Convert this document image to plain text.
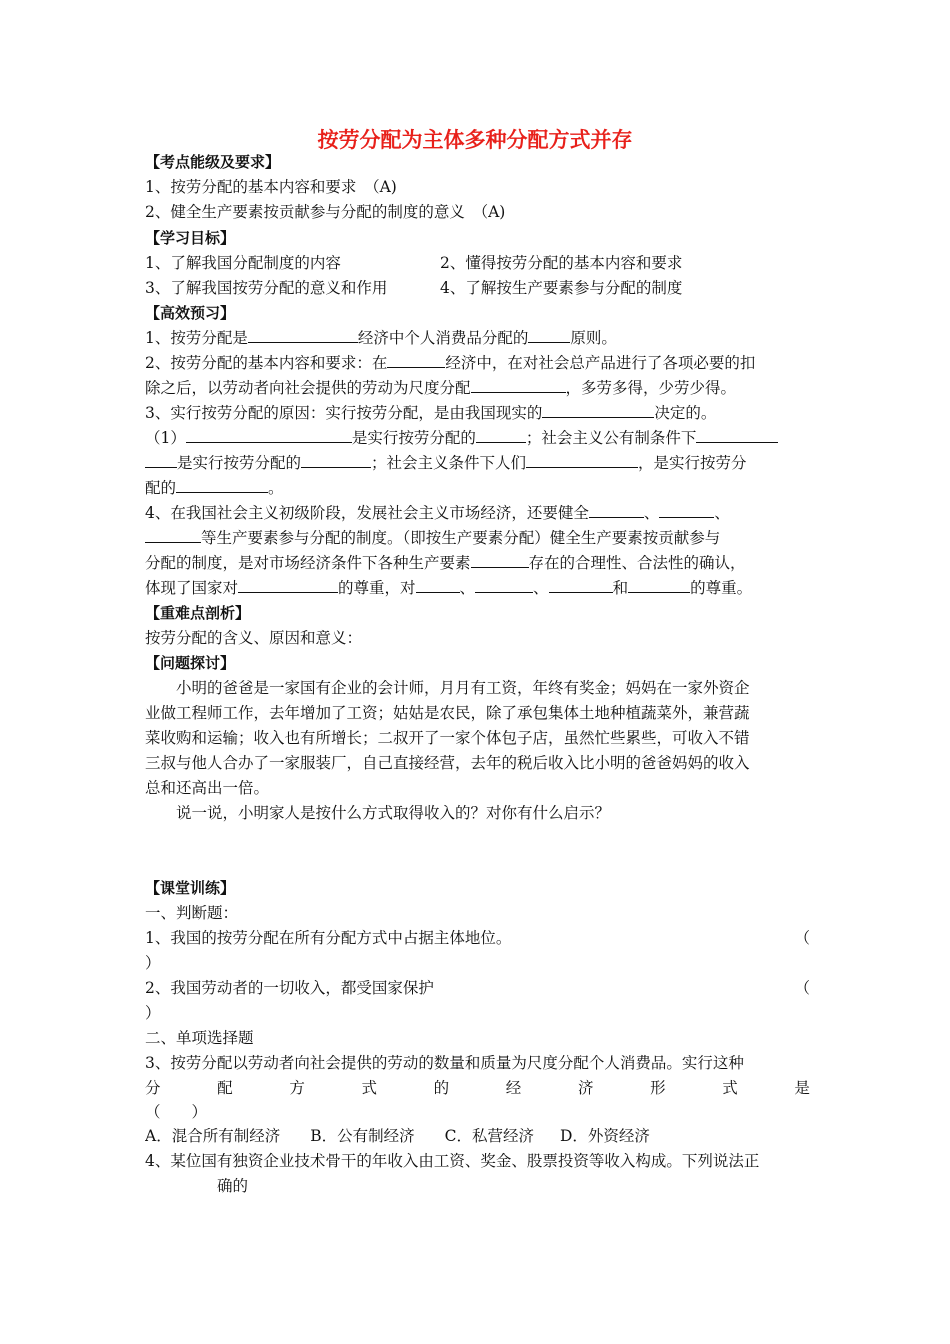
按劳分配为主体多种分配方式并存
【考点能级及要求】
1、按劳分配的基本内容和要求　（A)
2、健全生产要素按贡献参与分配的制度的意义　（A)
【学习目标】
1、了解我国分配制度的内容	2、懂得按劳分配的基本内容和要求
3、了解我国按劳分配的意义和作用	4、了解按生产要素参与分配的制度
【高效预习】
1、按劳分配是	经济中个人消费品分配的	原则。
2、按劳分配的基本内容和要求：在	经济中，在对社会总产品进行了各项必要的扣
除之后，以劳动者向社会提供的劳动为尺度分配	，多劳多得，少劳少得。
3、实行按劳分配的原因：实行按劳分配，是由我国现实的	决定的。
（1）	是实行按劳分配的	；社会主义公有制条件下
是实行按劳分配的	；社会主义条件下人们	，是实行按劳分
配的	。
4、在我国社会主义初级阶段，发展社会主义市场经济，还要健全	、	、
等生产要素参与分配的制度。（即按生产要素分配）健全生产要素按贡献参与
分配的制度，是对市场经济条件下各种生产要素	存在的合理性、合法性的确认，
体现了国家对	的尊重，对	、	、	和	的尊重。
【重难点剖析】
按劳分配的含义、原因和意义：
【问题探讨】
小明的爸爸是一家国有企业的会计师，月月有工资，年终有奖金；妈妈在一家外资企
业做工程师工作，去年增加了工资；姑姑是农民，除了承包集体土地种植蔬菜外，兼营蔬
菜收购和运输；收入也有所增长；二叔开了一家个体包子店，虽然忙些累些，可收入不错
三叔与他人合办了一家服装厂，自己直接经营，去年的税后收入比小明的爸爸妈妈的收入
总和还高出一倍。
说一说，小明家人是按什么方式取得收入的？对你有什么启示？
【课堂训练】
一、判断题：
1、我国的按劳分配在所有分配方式中占据主体地位。	（
）
2、我国劳动者的一切收入，都受国家保护	（
）
二、单项选择题
3、按劳分配以劳动者向社会提供的劳动的数量和质量为尺度分配个人消费品。实行这种
分	配	方	式	的	经	济	形	式	是
（　　）
A．混合所有制经济 B．公有制经济 C．私营经济 D．外资经济
4、某位国有独资企业技术骨干的年收入由工资、奖金、股票投资等收入构成。下列说法正
确的
